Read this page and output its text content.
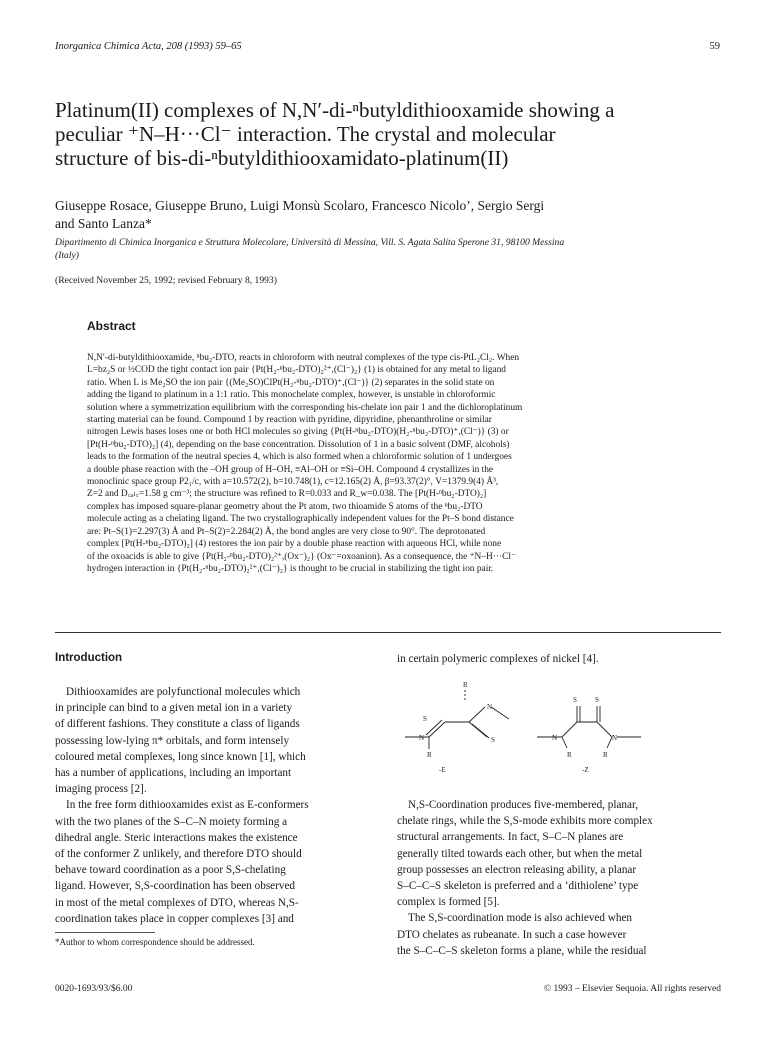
Inorganica Chimica Acta, 208 (1993) 59–65	59
Platinum(II) complexes of N,N′-di-ⁿbutyldithiooxamide showing a
peculiar ⁺N–H···Cl⁻ interaction. The crystal and molecular
structure of bis-di-ⁿbutyldithiooxamidato-platinum(II)
Giuseppe Rosace, Giuseppe Bruno, Luigi Monsù Scolaro, Francesco Nicolo’, Sergio Sergi
and Santo Lanza*
Dipartimento di Chimica Inorganica e Struttura Molecolare, Università di Messina, Vill. S. Agata Salita Sperone 31, 98100 Messina
(Italy)
(Received November 25, 1992; revised February 8, 1993)
Abstract
N,N′-di-butyldithiooxamide, ⁿbu₂-DTO, reacts in chloroform with neutral complexes of the type cis-PtL₂Cl₂. When
L=bz₂S or ½COD the tight contact ion pair {Pt(H₂-ⁿbu₂-DTO)₂²⁺,(Cl⁻)₂} (1) is obtained for any metal to ligand
ratio. When L is Me₂SO the ion pair {(Me₂SO)ClPt(H₂-ⁿbu₂-DTO)⁺,(Cl⁻)} (2) separates in the solid state on
adding the ligand to platinum in a 1:1 ratio. This monochelate complex, however, is unstable in chloroformic
solution where a symmetrization equilibrium with the corresponding bis-chelate ion pair 1 and the dichloroplatinum
starting material can be found. Compound 1 by reaction with pyridine, dipyridine, phenanthroline or similar
nitrogen Lewis bases loses one or both HCl molecules so giving {Pt(H-ⁿbu₂-DTO)(H₂-ⁿbu₂-DTO)⁺,(Cl⁻)} (3) or
[Pt(H-ⁿbu₂-DTO)₂] (4), depending on the base concentration. Dissolution of 1 in a basic solvent (DMF, alcohols)
leads to the formation of the neutral species 4, which is also formed when a chloroformic solution of 1 undergoes
a double phase reaction with the –OH group of H–OH, ≡Al–OH or ≡Si–OH. Compound 4 crystallizes in the
monoclinic space group P2₁/c, with a=10.572(2), b=10.748(1), c=12.165(2) Å, β=93.37(2)°, V=1379.9(4) Å³,
Z=2 and D꜀ₐₗ꜀=1.58 g cm⁻³; the structure was refined to R=0.033 and R_w=0.038. The [Pt(H-ⁿbu₂-DTO)₂]
complex has imposed square-planar geometry about the Pt atom, two thioamide S atoms of the ⁿbu₂-DTO
molecule acting as a chelating ligand. The two crystallographically independent values for the Pt–S bond distance
are: Pt–S(1)=2.297(3) Å and Pt–S(2)=2.284(2) Å, the bond angles are very close to 90°. The deprotonated
complex [Pt(H-ⁿbu₂-DTO)₂] (4) restores the ion pair by a double phase reaction with aqueous HCl, while none
of the oxoacids is able to give {Pt(H₂-ⁿbu₂-DTO)₂²⁺,(Ox⁻)₂} (Ox⁻=oxoanion). As a consequence, the ⁺N–H···Cl⁻
hydrogen interaction in {Pt(H₂-ⁿbu₂-DTO)₂²⁺,(Cl⁻)₂} is thought to be crucial in stabilizing the tight ion pair.
Introduction
Dithiooxamides are polyfunctional molecules which
in principle can bind to a given metal ion in a variety
of different fashions. They constitute a class of ligands
possessing low-lying π* orbitals, and form intensely
coloured metal complexes, long since known [1], which
has a number of applications, including an important
imaging process [2].
In the free form dithiooxamides exist as E-conformers
with the two planes of the S–C–N moiety forming a
dihedral angle. Steric interactions makes the existence
of the conformer Z unlikely, and therefore DTO should
behave toward coordination as a poor S,S-chelating
ligand. However, S,S-coordination has been observed
in most of the metal complexes of DTO, whereas N,S-
coordination takes place in copper complexes [3] and
in certain polymeric complexes of nickel [4].
S
N
R
S
N
R
-E
S	S
N	N
R	R
-Z
N,S-Coordination produces five-membered, planar,
chelate rings, while the S,S-mode exhibits more complex
structural arrangements. In fact, S–C–N planes are
generally tilted towards each other, but when the metal
group possesses an electron releasing ability, a planar
S–C–C–S skeleton is preferred and a ‘dithiolene’ type
complex is formed [5].
The S,S-coordination mode is also achieved when
DTO chelates as rubeanate. In such a case however
the S–C–C–S skeleton forms a plane, while the residual
*Author to whom correspondence should be addressed.
0020-1693/93/$6.00	© 1993 – Elsevier Sequoia. All rights reserved
